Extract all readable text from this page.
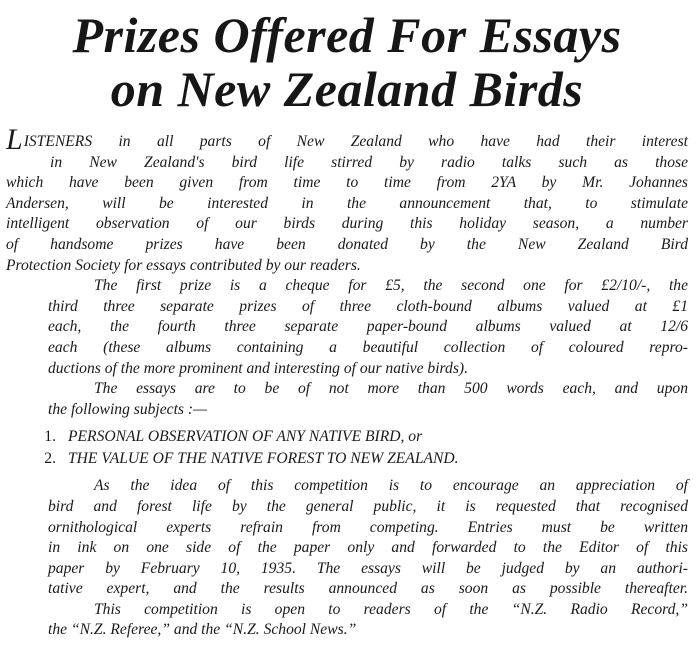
Prizes Offered For Essays
on New Zealand Birds
LISTENERS in all parts of New Zealand who have had their interest
in New Zealand's bird life stirred by radio talks such as those
which have been given from time to time from 2YA by Mr. Johannes
Andersen, will be interested in the announcement that, to stimulate
intelligent observation of our birds during this holiday season, a number
of handsome prizes have been donated by the New Zealand Bird
Protection Society for essays contributed by our readers.
The first prize is a cheque for £5, the second one for £2/10/-, the
third three separate prizes of three cloth-bound albums valued at £1
each, the fourth three separate paper-bound albums valued at 12/6
each (these albums containing a beautiful collection of coloured repro-
ductions of the more prominent and interesting of our native birds).
The essays are to be of not more than 500 words each, and upon
the following subjects :—
1. PERSONAL OBSERVATION OF ANY NATIVE BIRD, or
2. THE VALUE OF THE NATIVE FOREST TO NEW ZEALAND.
As the idea of this competition is to encourage an appreciation of
bird and forest life by the general public, it is requested that recognised
ornithological experts refrain from competing. Entries must be written
in ink on one side of the paper only and forwarded to the Editor of this
paper by February 10, 1935. The essays will be judged by an authori-
tative expert, and the results announced as soon as possible thereafter.
This competition is open to readers of the “N.Z. Radio Record,”
the “N.Z. Referee,” and the “N.Z. School News.”
